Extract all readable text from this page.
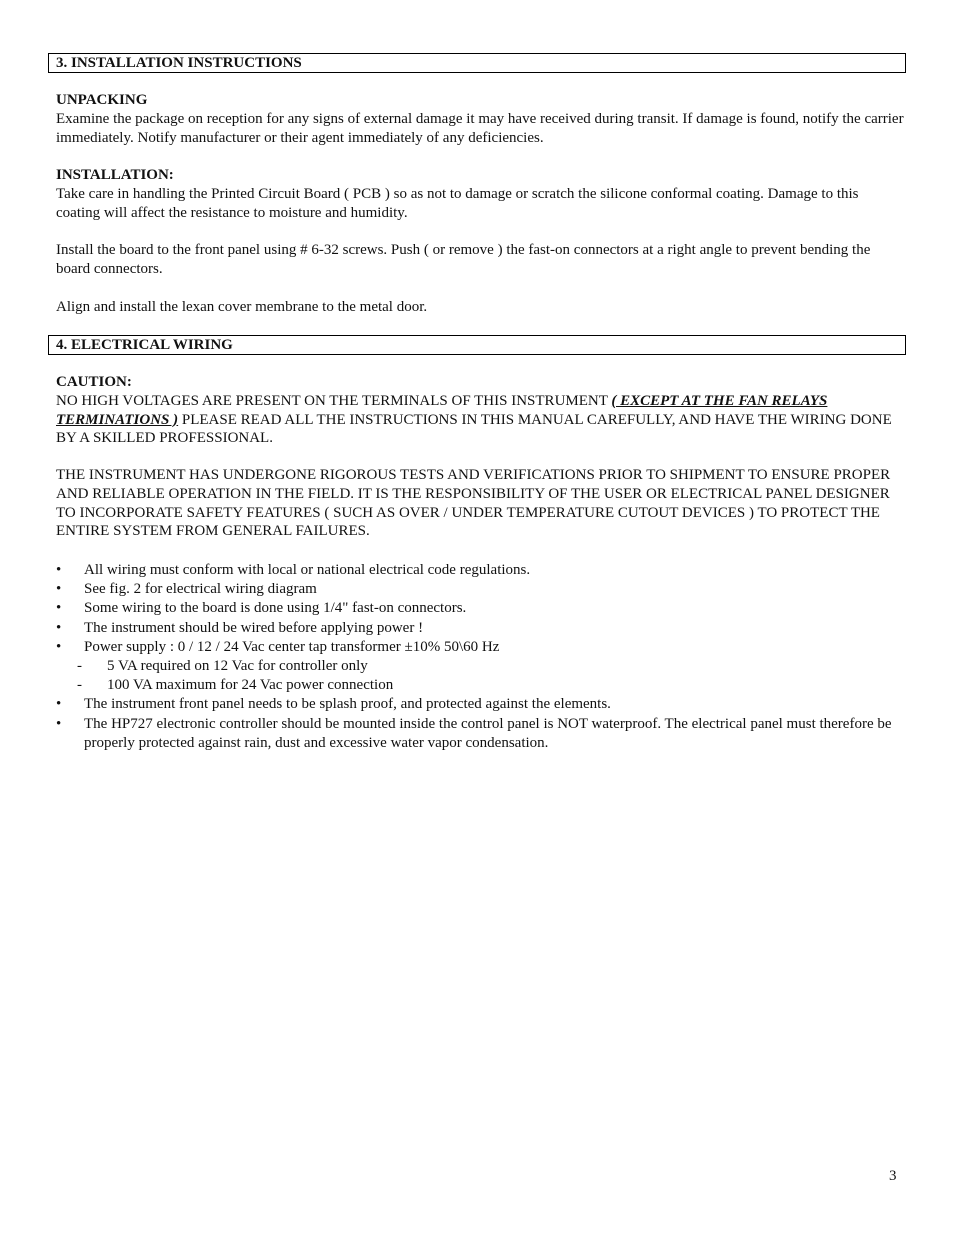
3. INSTALLATION INSTRUCTIONS

UNPACKING

Examine the package on reception for any signs of external damage it may have received during transit. If damage is found, notify the carrier immediately. Notify manufacturer or their agent immediately of any deficiencies.

INSTALLATION:

Take care in handling the Printed Circuit Board ( PCB ) so as not to damage or scratch the silicone conformal coating. Damage to this coating will affect the resistance to moisture and humidity.

Install the board to the front panel using # 6-32 screws. Push ( or remove ) the fast-on connectors at a right angle to prevent bending the board connectors.

Align and install the lexan cover membrane to the metal door.

4. ELECTRICAL WIRING

CAUTION:

NO HIGH VOLTAGES ARE PRESENT ON THE TERMINALS OF THIS INSTRUMENT ( EXCEPT AT THE FAN RELAYS TERMINATIONS ) PLEASE READ ALL THE INSTRUCTIONS IN THIS MANUAL CAREFULLY, AND HAVE THE WIRING DONE BY A SKILLED PROFESSIONAL.

THE INSTRUMENT HAS UNDERGONE RIGOROUS TESTS AND VERIFICATIONS PRIOR TO SHIPMENT TO ENSURE PROPER AND RELIABLE OPERATION IN THE FIELD. IT IS THE RESPONSIBILITY OF THE USER OR ELECTRICAL PANEL DESIGNER TO INCORPORATE SAFETY FEATURES ( SUCH AS OVER / UNDER TEMPERATURE CUTOUT DEVICES ) TO PROTECT THE ENTIRE SYSTEM FROM GENERAL FAILURES.

• All wiring must conform with local or national electrical code regulations.
• See fig. 2 for electrical wiring diagram
• Some wiring to the board is done using 1/4" fast-on connectors.
• The instrument should be wired before applying power !
• Power supply : 0 / 12 / 24 Vac center tap transformer ±10% 50\60 Hz
- 5 VA required on 12 Vac for controller only
- 100 VA maximum for 24 Vac power connection
• The instrument front panel needs to be splash proof, and protected against the elements.
• The HP727 electronic controller should be mounted inside the control panel is NOT waterproof. The electrical panel must therefore be properly protected against rain, dust and excessive water vapor condensation.
3
